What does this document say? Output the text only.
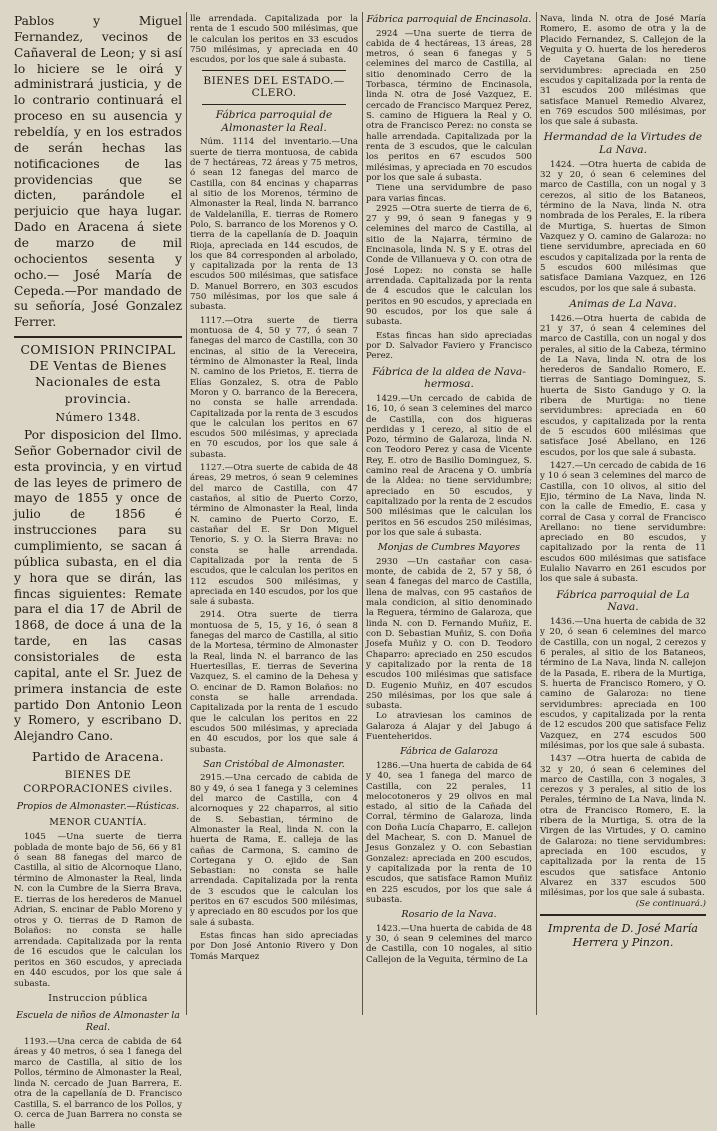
Pablos y Miguel Fernandez, vecinos de Cañaveral de Leon; y si así lo hiciere se le oirá y administrará justicia, y de lo contrario continuará el proceso en su ausencia y rebeldía, y en los estrados de serán hechas las notificaciones de las providencias que se dicten, parándole el perjuicio que haya lugar. Dado en Aracena á siete de marzo de mil ochocientos sesenta y ocho.— José María de Cepeda.—Por mandado de su señoría, José Gonzalez Ferrer.

COMISION PRINCIPAL DE Ventas de Bienes Nacionales de esta provincia.
Número 1348.

Por disposicion del Ilmo. Señor Gobernador civil de esta provincia, y en virtud de las leyes de primero de mayo de 1855 y once de julio de 1856 é instrucciones para su cumplimiento, se sacan á pública subasta, en el dia y hora que se dirán, las fincas siguientes: Remate para el dia 17 de Abril de 1868, de doce á una de la tarde, en las casas consistoriales de esta capital, ante el Sr. Juez de primera instancia de este partido Don Antonio Leon y Romero, y escribano D. Alejandro Cano.

Partido de Aracena.
BIENES DE CORPORACIONES civiles.
Propios de Almonaster.—Rústicas.
MENOR CUANTÍA.

1045 —Una suerte de tierra poblada de monte bajo de 56, 66 y 81 ó sean 88 fanegas del marco de Castilla, al sitio de Alcornoque Llano, término de Almonaster la Real, linda N. con la Cumbre de la Sierra Brava, E. tierras de los herederos de Manuel Adrian, S. encinar de Pablo Moreno y otros y O. tierras de D Ramon de Bolaños: no consta se halle arrendada. Capitalizada por la renta de 16 escudos que le calculan los peritos en 360 escudos, y apreciada en 440 escudos, por los que sale á subasta.

Instruccion pública
Escuela de niños de Almonaster la Real.

1193.—Una cerca de cabida de 64 áreas y 40 metros, ó sea 1 fanega del marco de Castilla, al sitio de los Pollos, término de Almonaster la Real, linda N. cercado de Juan Barrera, E. otra de la capellanía de D. Francisco Castilla, S. el barranco de los Pollos, y O. cerca de Juan Barrera no consta se halle

lle arrendada. Capitalizada por la renta de 1 escudo 500 milésimas, que le calculan los peritos en 33 escudos 750 milésimas, y apreciada en 40 escudos, por los que sale á subasta.

BIENES DEL ESTADO.—CLERO.
Fábrica parroquial de Almonaster la Real.

Núm. 1114 del inventario.—Una suerte de tierra montuosa, de cabida de 7 hectáreas, 72 áreas y 75 metros, ó sean 12 fanegas del marco de Castilla, con 84 encinas y chaparras al sitio de los Morenos, término de Almonaster la Real, linda N. barranco de Valdelanilla, E. tierras de Romero Polo, S. barranco de los Morenos y O. tierra de la capellanía de D. Joaquin Rioja, apreciada en 144 escudos, de los que 84 corresponden al arbolado, y capitalizada por la renta de 13 escudos 500 milésimas, que satisface D. Manuel Borrero, en 303 escudos 750 milésimas, por los que sale á subasta.

1117.—Otra suerte de tierra montuosa de 4, 50 y 77, ó sean 7 fanegas del marco de Castilla, con 30 encinas, al sitio de la Vereceira, término de Almonaster la Real, linda N. camino de los Prietos, E. tierra de Elías Gonzalez, S. otra de Pablo Moron y O. barranco de la Berecera, no consta se halle arrendada. Capitalizada por la renta de 3 escudos que le calculan los peritos en 67 escudos 500 milésimas, y apreciada en 70 escudos, por los que sale á subasta.

1127.—Otra suerte de cabida de 48 áreas, 29 metros, ó sean 9 celemines del marco de Castilla, con 47 castaños, al sitio de Puerto Corzo, término de Almonaster la Real, linda N. camino de Puerto Corzo, E. castañar del E. Sr Don Miguel Tenorio, S. y O. la Sierra Brava: no consta se halle arrendada. Capitalizada por la renta de 5 escudos, que le calculan los peritos en 112 escudos 500 milésimas, y apreciada en 140 escudos, por los que sale á subasta.

2914. Otra suerte de tierra montuosa de 5, 15, y 16, ó sean 8 fanegas del marco de Castilla, al sitio de la Mortesa, término de Almonaster la Real, linda N. el barranco de las Huertesillas, E. tierras de Severina Vazquez, S. el camino de la Dehesa y O. encinar de D. Ramon Bolaños: no consta se halle arrendada. Capitalizada por la renta de 1 escudo que le calculan los peritos en 22 escudos 500 milésimas, y apreciada en 40 escudos, por los que sale á subasta.

San Cristóbal de Almonaster.

2915.—Una cercado de cabida de 80 y 49, ó sea 1 fanega y 3 celemines del marco de Castilla, con 4 alcornoques y 22 chaparros, al sitio de S. Sebastian, término de Almonaster la Real, linda N. con la huerta de Rama, E. calleja de las cañas de Carmona, S. camino de Cortegana y O. ejido de San Sebastian: no consta se halle arrendada. Capitalizada por la renta de 3 escudos que le calculan los peritos en 67 escudos 500 milésimas, y apreciado en 80 escudos por los que sale á subasta.

Estas fincas han sido apreciadas por Don José Antonio Rivero y Don Tomás Marquez

Fábrica parroquial de Encinasola.

2924 —Una suerte de tierra de cabida de 4 hectáreas, 13 áreas, 28 metros, ó sean 6 fanegas y 5 celemines del marco de Castilla, al sitio denominado Cerro de la Torbasca, término de Encinasola, linda N. otra de José Vazquez, E. cercado de Francisco Marquez Perez, S. camino de Higuera la Real y O. otra de Francisco Perez: no consta se halle arrendada. Capitalizada por la renta de 3 escudos, que le calculan los peritos en 67 escudos 500 milésimas, y apreciada en 70 escudos por los que sale á subasta.

Tiene una servidumbre de paso para varias fincas.

2925 —Otra suerte de tierra de 6, 27 y 99, ó sean 9 fanegas y 9 celemines del marco de Castilla, al sitio de la Najarra, término de Encinasola, linda N. S y E. otras del Conde de Villanueva y O. con otra de José Lopez: no consta se halle arrendada. Capitalizada por la renta de 4 escudos que le calculan los peritos en 90 escudos, y apreciada en 90 escudos, por los que sale á subasta.

Estas fincas han sido apreciadas por D. Salvador Faviero y Francisco Perez.

Fábrica de la aldea de Nava-hermosa.

1429.—Un cercado de cabida de 16, 10, ó sean 3 celemines del marco de Castilla, con dos higueras perdidas y 1 cerezo, al sitio de el Pozo, término de Galaroza, linda N. con Teodoro Perez y casa de Vicente Rey, E. otro de Basilio Dominguez, S. camino real de Aracena y O. umbría de la Aldea: no tiene servidumbre; apreciado en 50 escudos, y capitalizado por la renta de 2 escudos 500 milésimas que le calculan los peritos en 56 escudos 250 milésimas, por los que sale á subasta.

Monjas de Cumbres Mayores

2930 —Un castañar con casa-monte, de cabida de 2, 57 y 58, ó sean 4 fanegas del marco de Castilla, llena de malvas, con 95 castaños de mala condicion, al sitio denominado la Reguera, término de Galaroza, que linda N. con D. Fernando Muñiz, E. con D. Sebastian Muñiz, S. con Doña Josefa Muñiz y O. con D. Teodoro Chaparro: apreciado en 250 escudos y capitalizado por la renta de 18 escudos 100 milésimas que satisface D. Eugenio Muñiz, en 407 escudos 250 milésimas, por los que sale á subasta.

Lo atraviesan los caminos de Galaroza á Alajar y del Jabugo á Fuenteheridos.

Fábrica de Galaroza

1286.—Una huerta de cabida de 64 y 40, sea 1 fanega del marco de Castilla, con 22 perales, 11 melocotoneros y 29 olivos en mal estado, al sitio de la Cañada del Corral, término de Galaroza, linda con Doña Lucía Chaparro, E. callejon del Machear, S. con D. Manuel de Jesus Gonzalez y O. con Sebastian Gonzalez: apreciada en 200 escudos, y capitalizada por la renta de 10 escudos, que satisface Ramon Muñiz en 225 escudos, por los que sale á subasta.

Rosario de la Nava.

1423.—Una huerta de cabida de 48 y 30, ó sean 9 celemines del marco de Castilla, con 10 nogales, al sitio Callejon de la Veguita, término de La

Nava, linda N. otra de José María Romero, E. asomo de otra y la de Placido Fernandez, S. Callejon de la Veguita y O. huerta de los herederos de Cayetana Galan: no tiene servidumbres: apreciada en 250 escudos y capitalizada por la renta de 31 escudos 200 milésimas que satisface Manuel Remedio Alvarez, en 769 escudos 500 milésimas, por los que sale á subasta.

Hermandad de la Virtudes de La Nava.

1424. —Otra huerta de cabida de 32 y 20, ó sean 6 celemines del marco de Castilla, con un nogal y 3 cerezos, al sitio de los Bataneos, término de la Nava, linda N. otra nombrada de los Perales, E. la ribera de Murtiga, S. huertas de Simon Vazquez y O. camino de Galaroza: no tiene servidumbre, apreciada en 60 escudos y capitalizada por la renta de 5 escudos 600 milésimas que satisface Damiana Vazquez, en 126 escudos, por los que sale á subasta.

Animas de La Nava.

1426.—Otra huerta de cabida de 21 y 37, ó sean 4 celemines del marco de Castilla, con un nogal y dos perales, al sitio de la Cabeza, término de La Nava, linda N. otra de los herederos de Sandalio Romero, E. tierras de Santiago Dominguez, S. huerta de Sisto Gandugo y O. la ribera de Murtiga: no tiene servidumbres: apreciada en 60 escudos, y capitalizada por la renta de 5 escudos 600 milésimas que satisface José Abellano, en 126 escudos, por los que sale á subasta.

1427.—Un cercado de cabida de 16 y 10 ó sean 3 celemines del marco de Castilla, con 10 olivos, al sitio del Ejio, término de La Nava, linda N. con la calle de Emedio, E. casa y corral de Casa y corral de Francisco Arellano: no tiene servidumbre: apreciado en 80 escudos, y capitalizado por la renta de 11 escudos 600 milésimas que satisface Eulalio Navarro en 261 escudos por los que sale á subasta.

Fábrica parroquial de La Nava.

1436.—Una huerta de cabida de 32 y 20, ó sean 6 celemines del marco de Castilla, con un nogal, 2 cerezos y 6 perales, al sitio de los Bataneos, término de La Nava, linda N. callejon de la Pasada, E. ribera de la Murtiga, S. huerta de Francisco Romero, y O. camino de Galaroza: no tiene servidumbres: apreciada en 100 escudos, y capitalizada por la renta de 12 escudos 200 que satisface Feliz Vazquez, en 274 escudos 500 milésimas, por los que sale á subasta.

1437 —Otra huerta de cabida de 32 y 20, ó sean 6 celemines del marco de Castilla, con 3 nogales, 3 cerezos y 3 perales, al sitio de los Perales, término de La Nava, linda N. otra de Francisco Romero, E. la ribera de la Murtiga, S. otra de la Virgen de las Virtudes, y O. camino de Galaroza: no tiene servidumbres: apreciada en 100 escudos, y capitalizada por la renta de 15 escudos que satisface Antonio Alvarez en 337 escudos 500 milésimas, por los que sale á subasta.

(Se continuará.)
Imprenta de D. José María Herrera y Pinzon.
